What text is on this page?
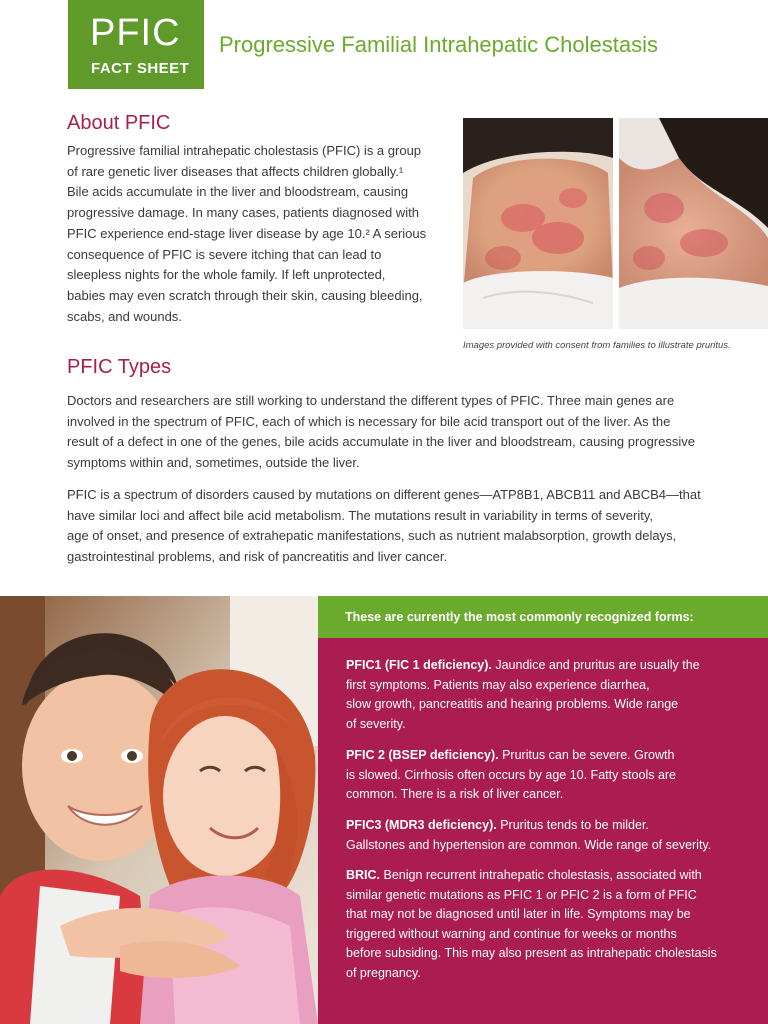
PFIC
FACT SHEET
Progressive Familial Intrahepatic Cholestasis
About PFIC
Progressive familial intrahepatic cholestasis (PFIC) is a group
of rare genetic liver diseases that affects children globally.¹
Bile acids accumulate in the liver and bloodstream, causing
progressive damage. In many cases, patients diagnosed with
PFIC experience end-stage liver disease by age 10.² A serious
consequence of PFIC is severe itching that can lead to
sleepless nights for the whole family. If left unprotected,
babies may even scratch through their skin, causing bleeding,
scabs, and wounds.
Images provided with consent from families to illustrate pruritus.
PFIC Types
Doctors and researchers are still working to understand the different types of PFIC. Three main genes are
involved in the spectrum of PFIC, each of which is necessary for bile acid transport out of the liver. As the
result of a defect in one of the genes, bile acids accumulate in the liver and bloodstream, causing progressive
symptoms within and, sometimes, outside the liver.
PFIC is a spectrum of disorders caused by mutations on different genes—ATP8B1, ABCB11 and ABCB4—that
have similar loci and affect bile acid metabolism. The mutations result in variability in terms of severity,
age of onset, and presence of extrahepatic manifestations, such as nutrient malabsorption, growth delays,
gastrointestinal problems, and risk of pancreatitis and liver cancer.
These are currently the most commonly recognized forms:
PFIC1 (FIC 1 deficiency). Jaundice and pruritus are usually the
first symptoms. Patients may also experience diarrhea,
slow growth, pancreatitis and hearing problems. Wide range
of severity.
PFIC 2 (BSEP deficiency). Pruritus can be severe. Growth
is slowed. Cirrhosis often occurs by age 10. Fatty stools are
common. There is a risk of liver cancer.
PFIC3 (MDR3 deficiency). Pruritus tends to be milder.
Gallstones and hypertension are common. Wide range of severity.
BRIC. Benign recurrent intrahepatic cholestasis, associated with
similar genetic mutations as PFIC 1 or PFIC 2 is a form of PFIC
that may not be diagnosed until later in life. Symptoms may be
triggered without warning and continue for weeks or months
before subsiding. This may also present as intrahepatic cholestasis
of pregnancy.
